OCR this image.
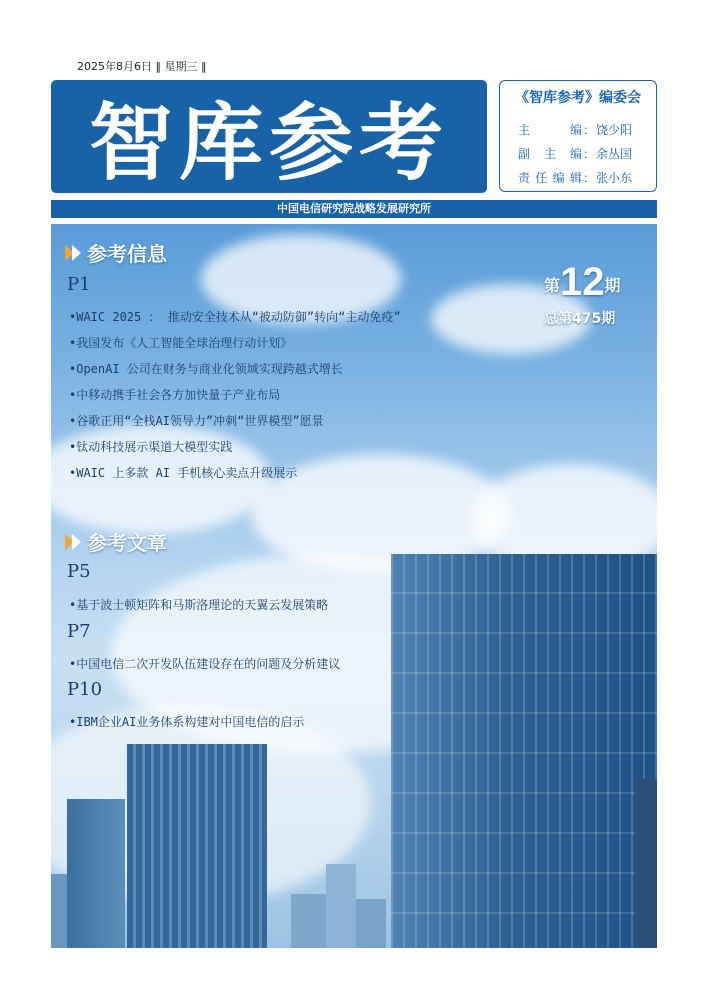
2025年8月6日 ‖ 星期三 ‖
智库参考	《智库参考》编委会
主编 ： 饶少阳
副主编 ： 余丛国
责任编辑 ： 张小东
中国电信研究院战略发展研究所
参考信息
P1
•WAIC 2025 ： 推动安全技术从“被动防御”转向“主动免疫”
•我国发布《人工智能全球治理行动计划》
•OpenAI 公司在财务与商业化领域实现跨越式增长
•中移动携手社会各方加快量子产业布局
•谷歌正用“全栈AI领导力”冲刺“世界模型”愿景
•钛动科技展示渠道大模型实践
•WAIC 上多款 AI 手机核心卖点升级展示
第12期
总第475期
参考文章
P5
•基于波士顿矩阵和马斯洛理论的天翼云发展策略
P7
•中国电信二次开发队伍建设存在的问题及分析建议
P10
•IBM企业AI业务体系构建对中国电信的启示
